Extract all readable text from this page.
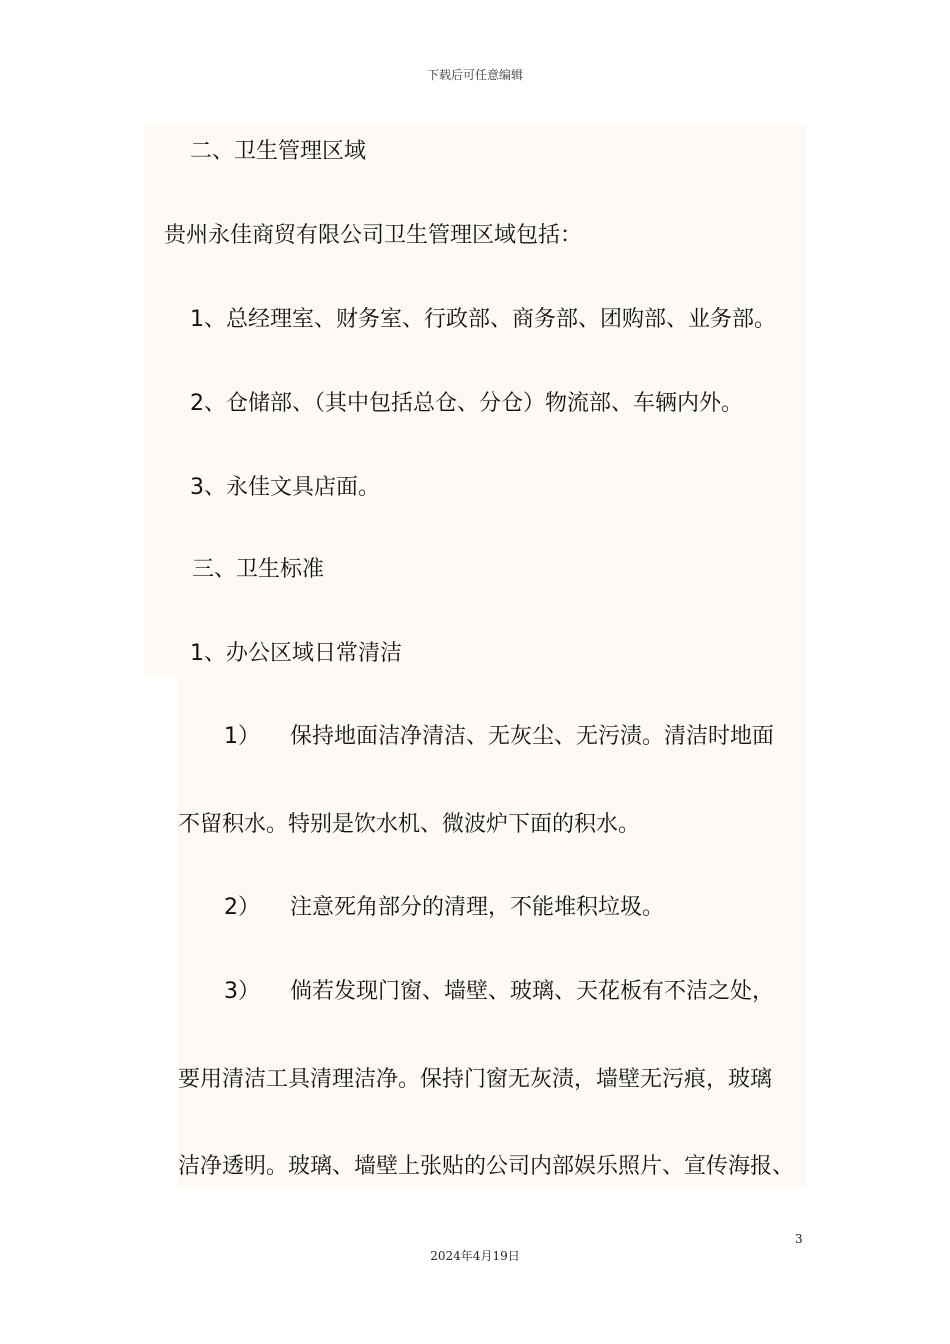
下载后可任意编辑
二、卫生管理区域
贵州永佳商贸有限公司卫生管理区域包括：
1、总经理室、财务室、行政部、商务部、团购部、业务部。
2、仓储部、（其中包括总仓、分仓）物流部、车辆内外。
3、永佳文具店面。
三、卫生标准
1、办公区域日常清洁
1） 保持地面洁净清洁、无灰尘、无污渍。清洁时地面
不留积水。特别是饮水机、微波炉下面的积水。
2） 注意死角部分的清理，不能堆积垃圾。
3） 倘若发现门窗、墙壁、玻璃、天花板有不洁之处，
要用清洁工具清理洁净。保持门窗无灰渍，墙壁无污痕，玻璃
洁净透明。玻璃、墙壁上张贴的公司内部娱乐照片、宣传海报、
3
2024年4月19日
